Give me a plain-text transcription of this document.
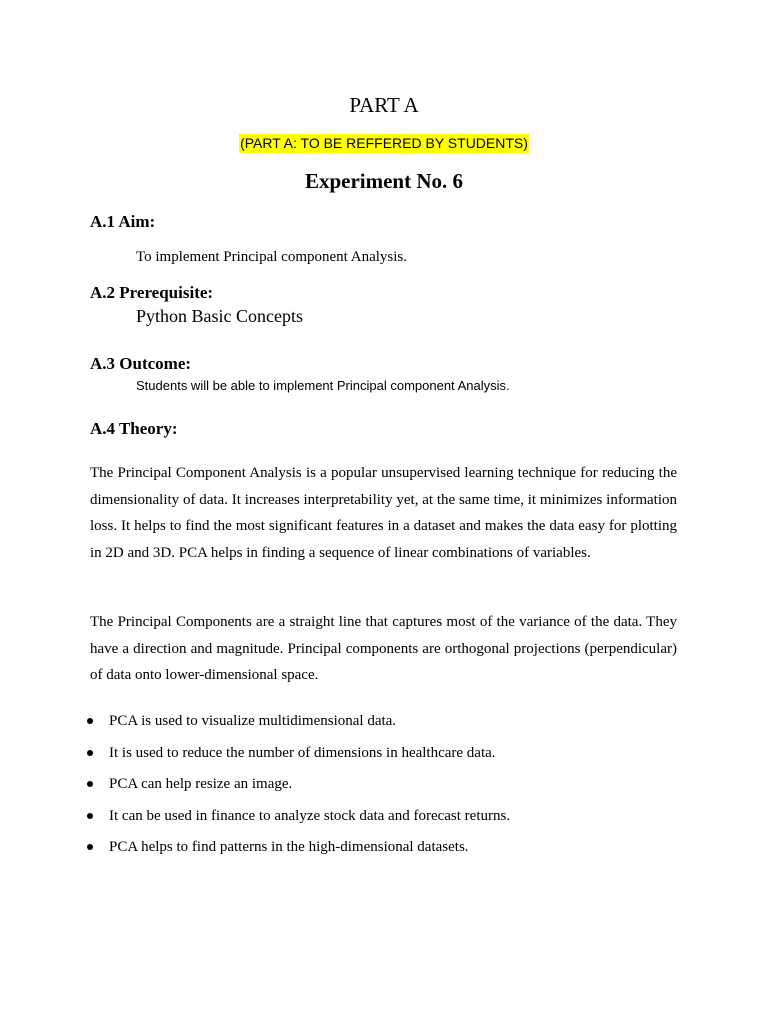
PART A
(PART A: TO BE REFFERED BY STUDENTS)
Experiment No. 6
A.1 Aim:
To implement Principal component Analysis.
A.2 Prerequisite:
Python Basic Concepts
A.3 Outcome:
Students will be able to implement Principal component Analysis.
A.4 Theory:

The Principal Component Analysis is a popular unsupervised learning technique for reducing the dimensionality of data. It increases interpretability yet, at the same time, it minimizes information loss. It helps to find the most significant features in a dataset and makes the data easy for plotting in 2D and 3D. PCA helps in finding a sequence of linear combinations of variables.

The Principal Components are a straight line that captures most of the variance of the data. They have a direction and magnitude. Principal components are orthogonal projections (perpendicular) of data onto lower-dimensional space.

PCA is used to visualize multidimensional data.
It is used to reduce the number of dimensions in healthcare data.
PCA can help resize an image.
It can be used in finance to analyze stock data and forecast returns.
PCA helps to find patterns in the high-dimensional datasets.
